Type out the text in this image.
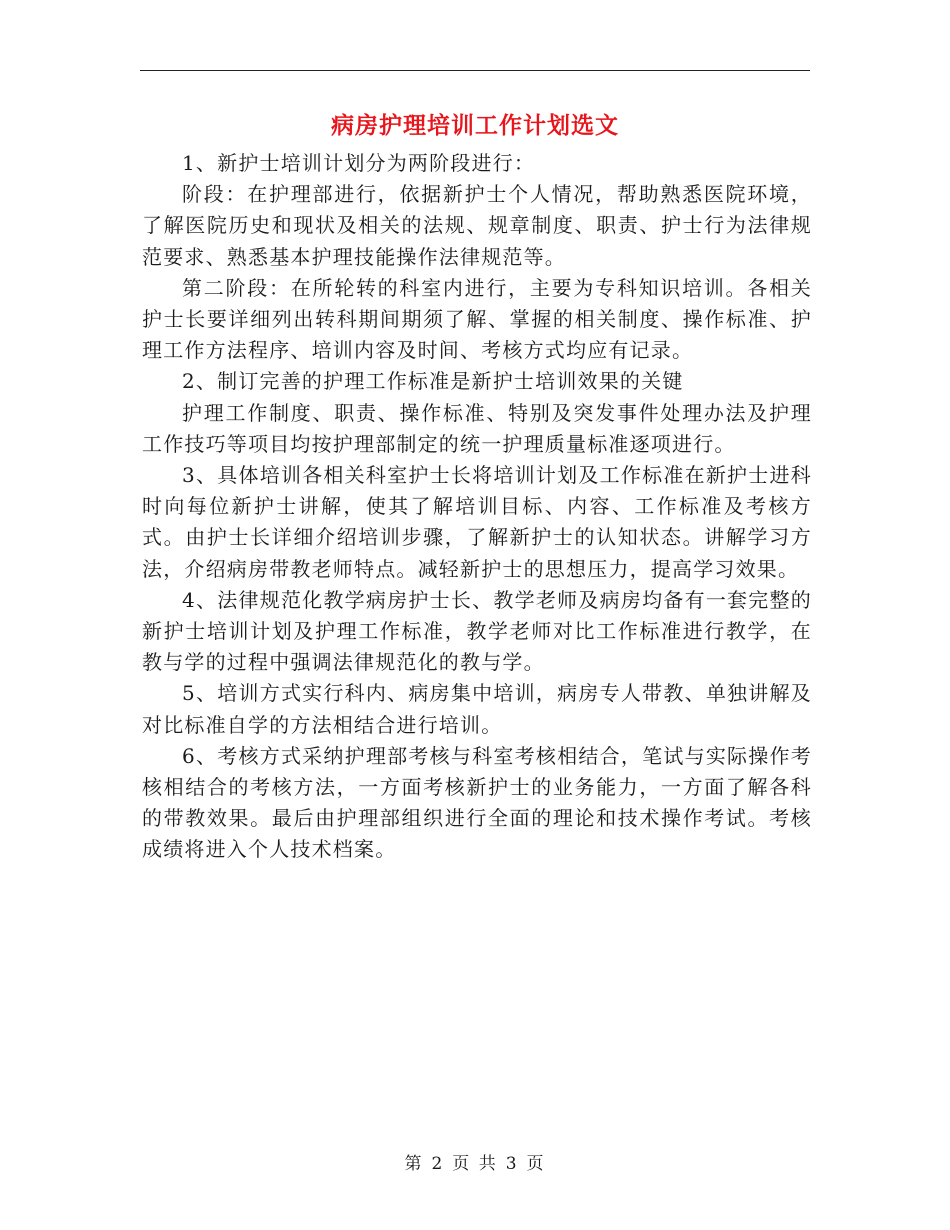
病房护理培训工作计划选文

1、新护士培训计划分为两阶段进行：

阶段：在护理部进行，依据新护士个人情况，帮助熟悉医院环境，了解医院历史和现状及相关的法规、规章制度、职责、护士行为法律规范要求、熟悉基本护理技能操作法律规范等。

第二阶段：在所轮转的科室内进行，主要为专科知识培训。各相关护士长要详细列出转科期间期须了解、掌握的相关制度、操作标准、护理工作方法程序、培训内容及时间、考核方式均应有记录。

2、制订完善的护理工作标准是新护士培训效果的关键

护理工作制度、职责、操作标准、特别及突发事件处理办法及护理工作技巧等项目均按护理部制定的统一护理质量标准逐项进行。

3、具体培训各相关科室护士长将培训计划及工作标准在新护士进科时向每位新护士讲解，使其了解培训目标、内容、工作标准及考核方式。由护士长详细介绍培训步骤，了解新护士的认知状态。讲解学习方法，介绍病房带教老师特点。减轻新护士的思想压力，提高学习效果。

4、法律规范化教学病房护士长、教学老师及病房均备有一套完整的新护士培训计划及护理工作标准，教学老师对比工作标准进行教学，在教与学的过程中强调法律规范化的教与学。

5、培训方式实行科内、病房集中培训，病房专人带教、单独讲解及对比标准自学的方法相结合进行培训。

6、考核方式采纳护理部考核与科室考核相结合，笔试与实际操作考核相结合的考核方法，一方面考核新护士的业务能力，一方面了解各科的带教效果。最后由护理部组织进行全面的理论和技术操作考试。考核成绩将进入个人技术档案。

第 2 页 共 3 页
